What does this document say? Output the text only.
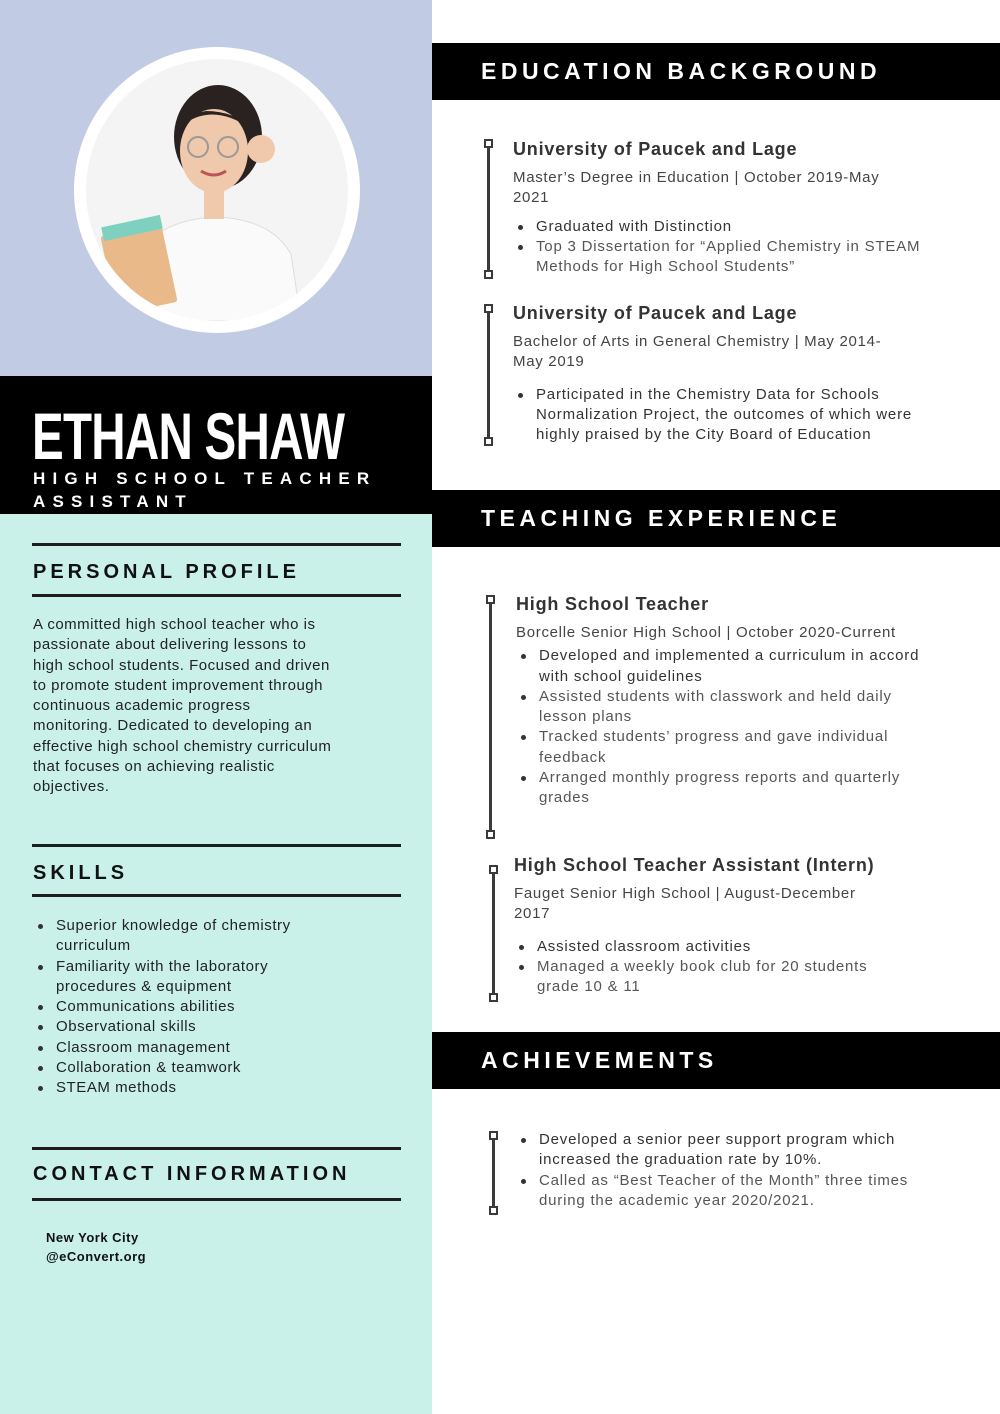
ETHAN SHAW
HIGH SCHOOL TEACHER ASSISTANT
PERSONAL PROFILE
A committed high school teacher who is passionate about delivering lessons to high school students. Focused and driven to promote student improvement through continuous academic progress monitoring. Dedicated to developing an effective high school chemistry curriculum that focuses on achieving realistic objectives.
SKILLS
Superior knowledge of chemistry curriculum
Familiarity with the laboratory procedures & equipment
Communications abilities
Observational skills
Classroom management
Collaboration & teamwork
STEAM methods
CONTACT INFORMATION
New York City
@eConvert.org
EDUCATION BACKGROUND
University of Paucek and Lage
Master’s Degree in Education | October 2019-May 2021
Graduated with Distinction
Top 3 Dissertation for “Applied Chemistry in STEAM Methods for High School Students”
University of Paucek and Lage
Bachelor of Arts in General Chemistry | May 2014-May 2019
Participated in the Chemistry Data for Schools Normalization Project, the outcomes of which were highly praised by the City Board of Education
TEACHING EXPERIENCE
High School Teacher
Borcelle Senior High School | October 2020-Current
Developed and implemented a curriculum in accord with school guidelines
Assisted students with classwork and held daily lesson plans
Tracked students’ progress and gave individual feedback
Arranged monthly progress reports and quarterly grades
High School Teacher Assistant (Intern)
Fauget Senior High School | August-December 2017
Assisted classroom activities
Managed a weekly book club for 20 students grade 10 & 11
ACHIEVEMENTS
Developed a senior peer support program which increased the graduation rate by 10%.
Called as “Best Teacher of the Month” three times during the academic year 2020/2021.
